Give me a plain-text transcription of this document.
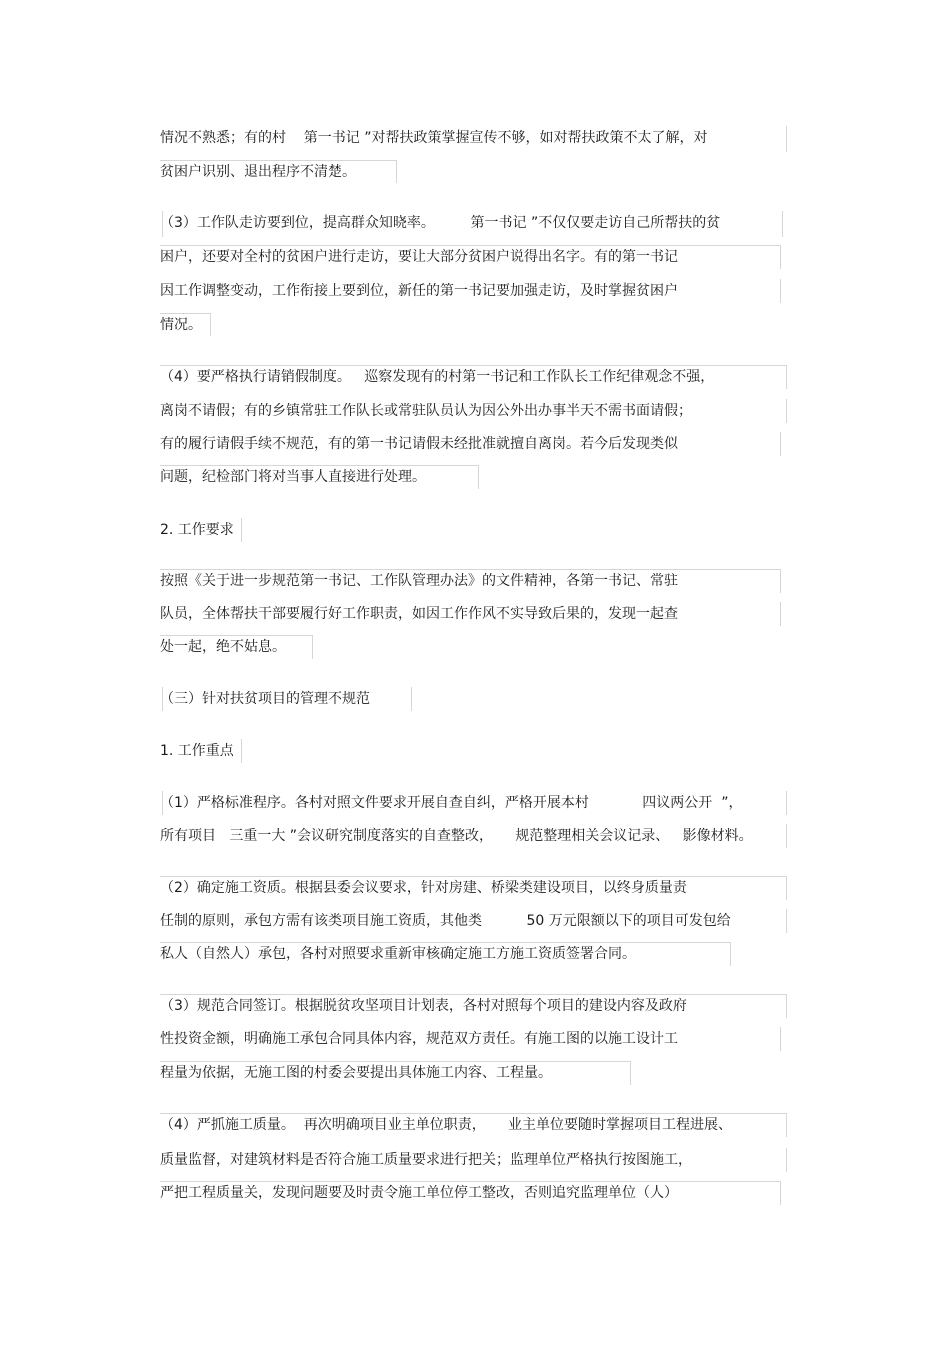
情况不熟悉；有的村    第一书记 ”对帮扶政策掌握宣传不够，如对帮扶政策不太了解，对
贫困户识别、退出程序不清楚。
（3）工作队走访要到位，提高群众知晓率。        第一书记 ”不仅仅要走访自己所帮扶的贫
困户，还要对全村的贫困户进行走访，要让大部分贫困户说得出名字。有的第一书记
因工作调整变动，工作衔接上要到位，新任的第一书记要加强走访，及时掌握贫困户
情况。
（4）要严格执行请销假制度。   巡察发现有的村第一书记和工作队长工作纪律观念不强，
离岗不请假；有的乡镇常驻工作队长或常驻队员认为因公外出办事半天不需书面请假；
有的履行请假手续不规范，有的第一书记请假未经批准就擅自离岗。若今后发现类似
问题，纪检部门将对当事人直接进行处理。
2. 工作要求
按照《关于进一步规范第一书记、工作队管理办法》的文件精神，各第一书记、常驻
队员，全体帮扶干部要履行好工作职责，如因工作作风不实导致后果的，发现一起查
处一起，绝不姑息。
（三）针对扶贫项目的管理不规范
1. 工作重点
（1）严格标准程序。各村对照文件要求开展自查自纠，严格开展本村            四议两公开  ”，
所有项目   三重一大 ”会议研究制度落实的自查整改，     规范整理相关会议记录、   影像材料。
（2）确定施工资质。根据县委会议要求，针对房建、桥梁类建设项目，以终身质量责
任制的原则，承包方需有该类项目施工资质，其他类          50 万元限额以下的项目可发包给
私人（自然人）承包，各村对照要求重新审核确定施工方施工资质签署合同。
（3）规范合同签订。根据脱贫攻坚项目计划表，各村对照每个项目的建设内容及政府
性投资金额，明确施工承包合同具体内容，规范双方责任。有施工图的以施工设计工
程量为依据，无施工图的村委会要提出具体施工内容、工程量。
（4）严抓施工质量。  再次明确项目业主单位职责，     业主单位要随时掌握项目工程进展、
质量监督，对建筑材料是否符合施工质量要求进行把关；监理单位严格执行按图施工，
严把工程质量关，发现问题要及时责令施工单位停工整改，否则追究监理单位（人）
